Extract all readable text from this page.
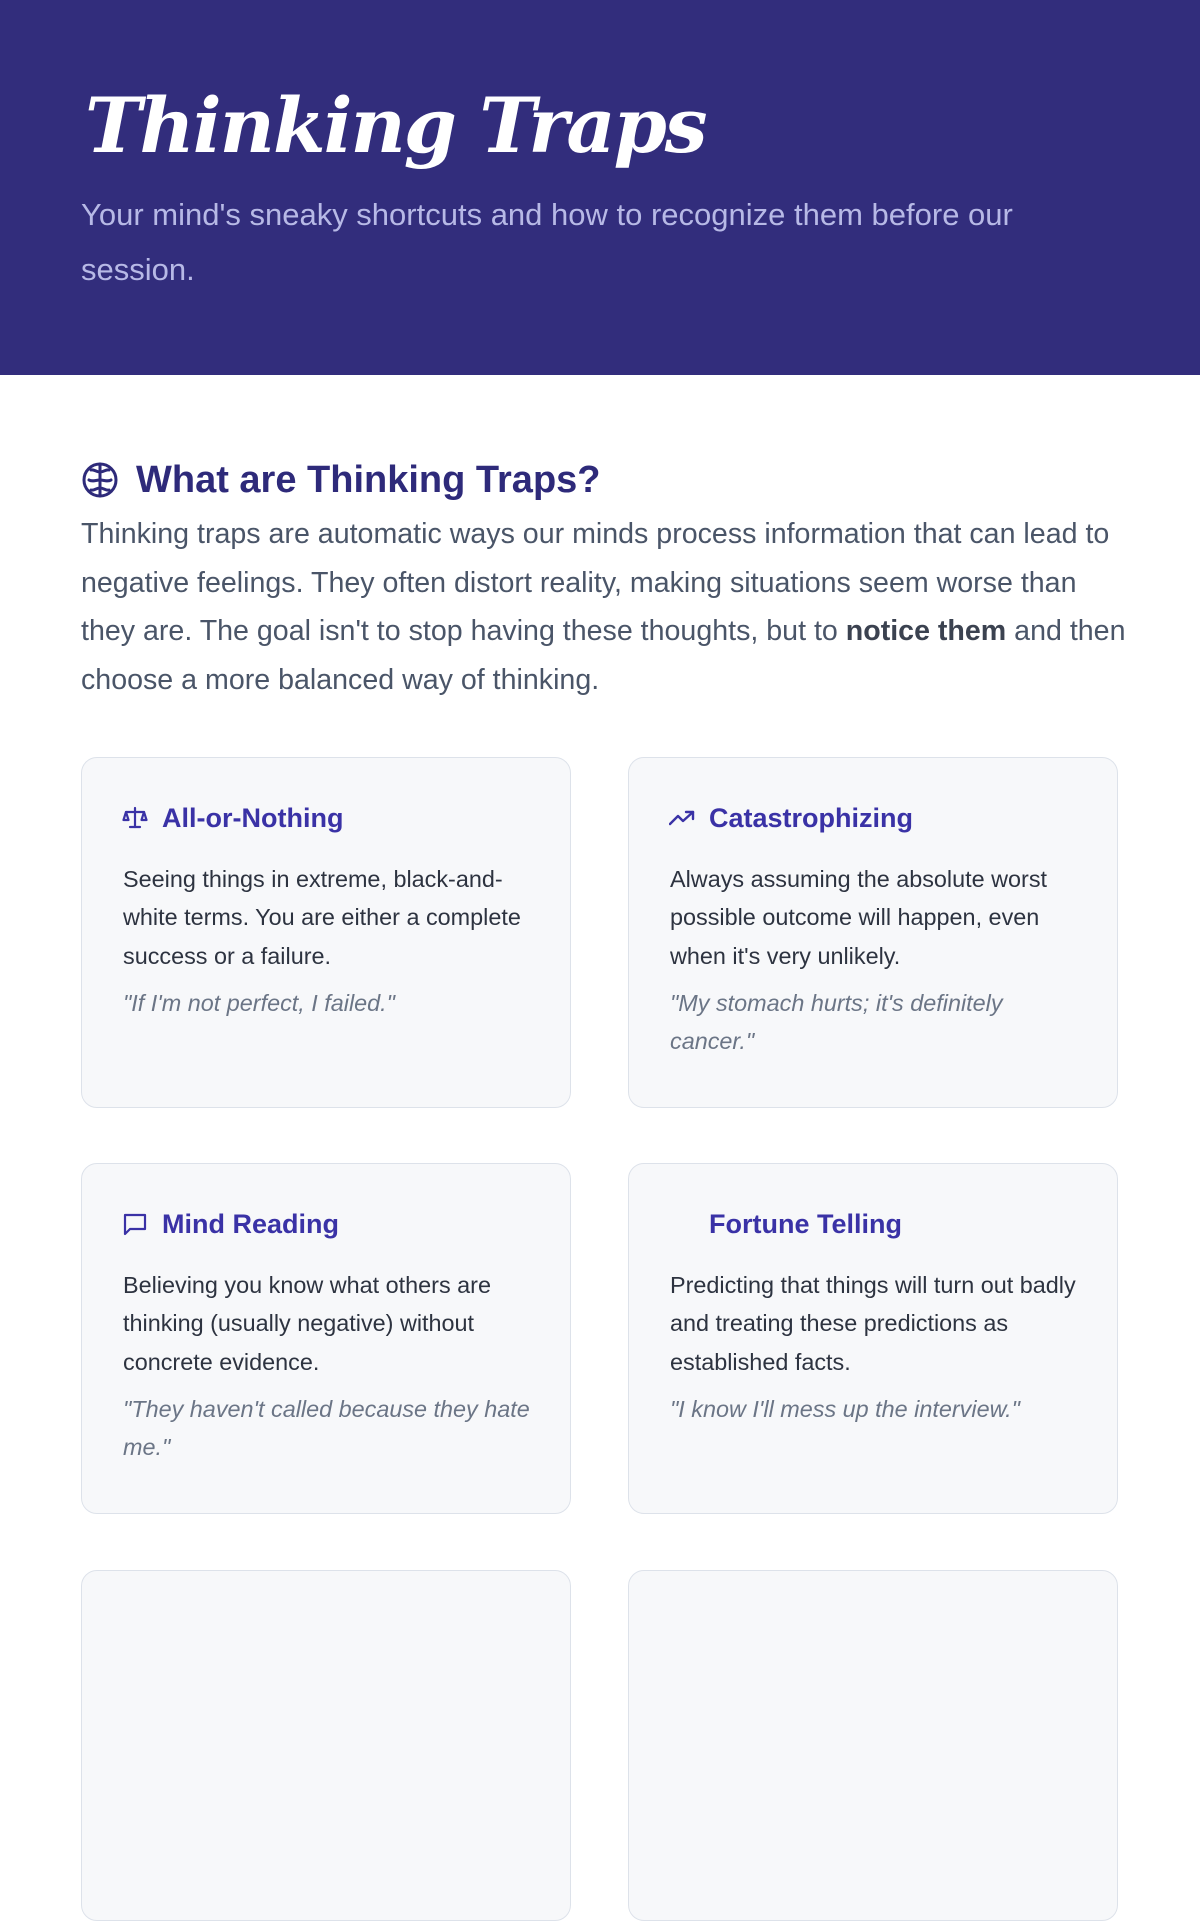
Thinking Traps

Your mind's sneaky shortcuts and how to recognize them before our session.

What are Thinking Traps?

Thinking traps are automatic ways our minds process information that can lead to negative feelings. They often distort reality, making situations seem worse than they are. The goal isn't to stop having these thoughts, but to notice them and then choose a more balanced way of thinking.

All-or-Nothing

Seeing things in extreme, black-and-white terms. You are either a complete success or a failure.

"If I'm not perfect, I failed."

Catastrophizing

Always assuming the absolute worst possible outcome will happen, even when it's very unlikely.

"My stomach hurts; it's definitely cancer."

Mind Reading

Believing you know what others are thinking (usually negative) without concrete evidence.

"They haven't called because they hate me."

Fortune Telling

Predicting that things will turn out badly and treating these predictions as established facts.

"I know I'll mess up the interview."
